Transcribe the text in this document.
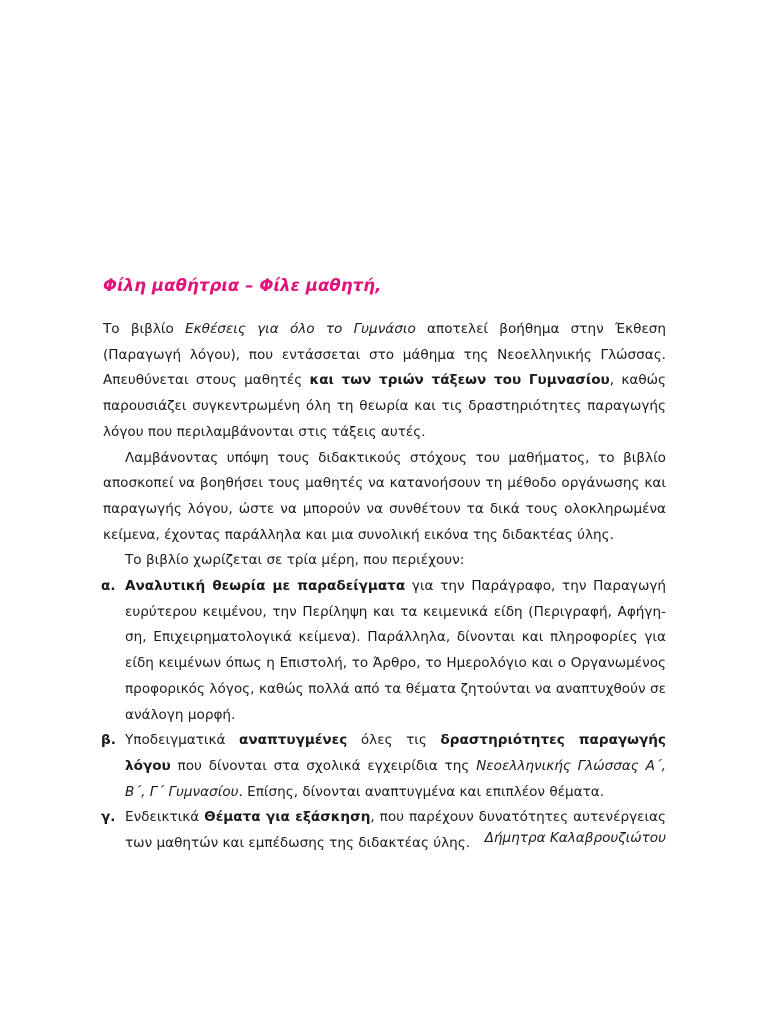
Φίλη μαθήτρια – Φίλε μαθητή,

Το βιβλίο Εκθέσεις για όλο το Γυμνάσιο αποτελεί βοήθημα στην Έκθεση (Παραγωγή λόγου), που εντάσσεται στο μάθημα της Νεοελληνικής Γλώσσας. Απευθύνεται στους μαθητές και των τριών τάξεων του Γυμνασίου, καθώς παρουσιάζει συγκεντρωμένη όλη τη θεωρία και τις δραστηριότητες παραγωγής λόγου που περιλαμβάνονται στις τάξεις αυτές.

Λαμβάνοντας υπόψη τους διδακτικούς στόχους του μαθήματος, το βιβλίο αποσκοπεί να βοηθήσει τους μαθητές να κατανοήσουν τη μέθοδο οργάνωσης και παραγωγής λόγου, ώστε να μπορούν να συνθέτουν τα δικά τους ολοκληρωμένα κείμενα, έχοντας παράλληλα και μια συνολική εικόνα της διδακτέας ύλης.

Το βιβλίο χωρίζεται σε τρία μέρη, που περιέχουν:

α. Αναλυτική θεωρία με παραδείγματα για την Παράγραφο, την Παραγωγή ευρύτερου κειμένου, την Περίληψη και τα κειμενικά είδη (Περιγραφή, Αφήγηση, Επιχειρηματολογικά κείμενα). Παράλληλα, δίνονται και πληροφορίες για είδη κειμένων όπως η Επιστολή, το Άρθρο, το Ημερολόγιο και ο Οργανωμένος προφορικός λόγος, καθώς πολλά από τα θέματα ζητούνται να αναπτυχθούν σε ανάλογη μορφή.
β. Υποδειγματικά αναπτυγμένες όλες τις δραστηριότητες παραγωγής λόγου που δίνονται στα σχολικά εγχειρίδια της Νεοελληνικής Γλώσσας Α΄, Β΄, Γ΄ Γυμνασίου. Επίσης, δίνονται αναπτυγμένα και επιπλέον θέματα.
γ. Ενδεικτικά Θέματα για εξάσκηση, που παρέχουν δυνατότητες αυτενέργειας των μαθητών και εμπέδωσης της διδακτέας ύλης.	Δήμητρα Καλαβρουζιώτου
